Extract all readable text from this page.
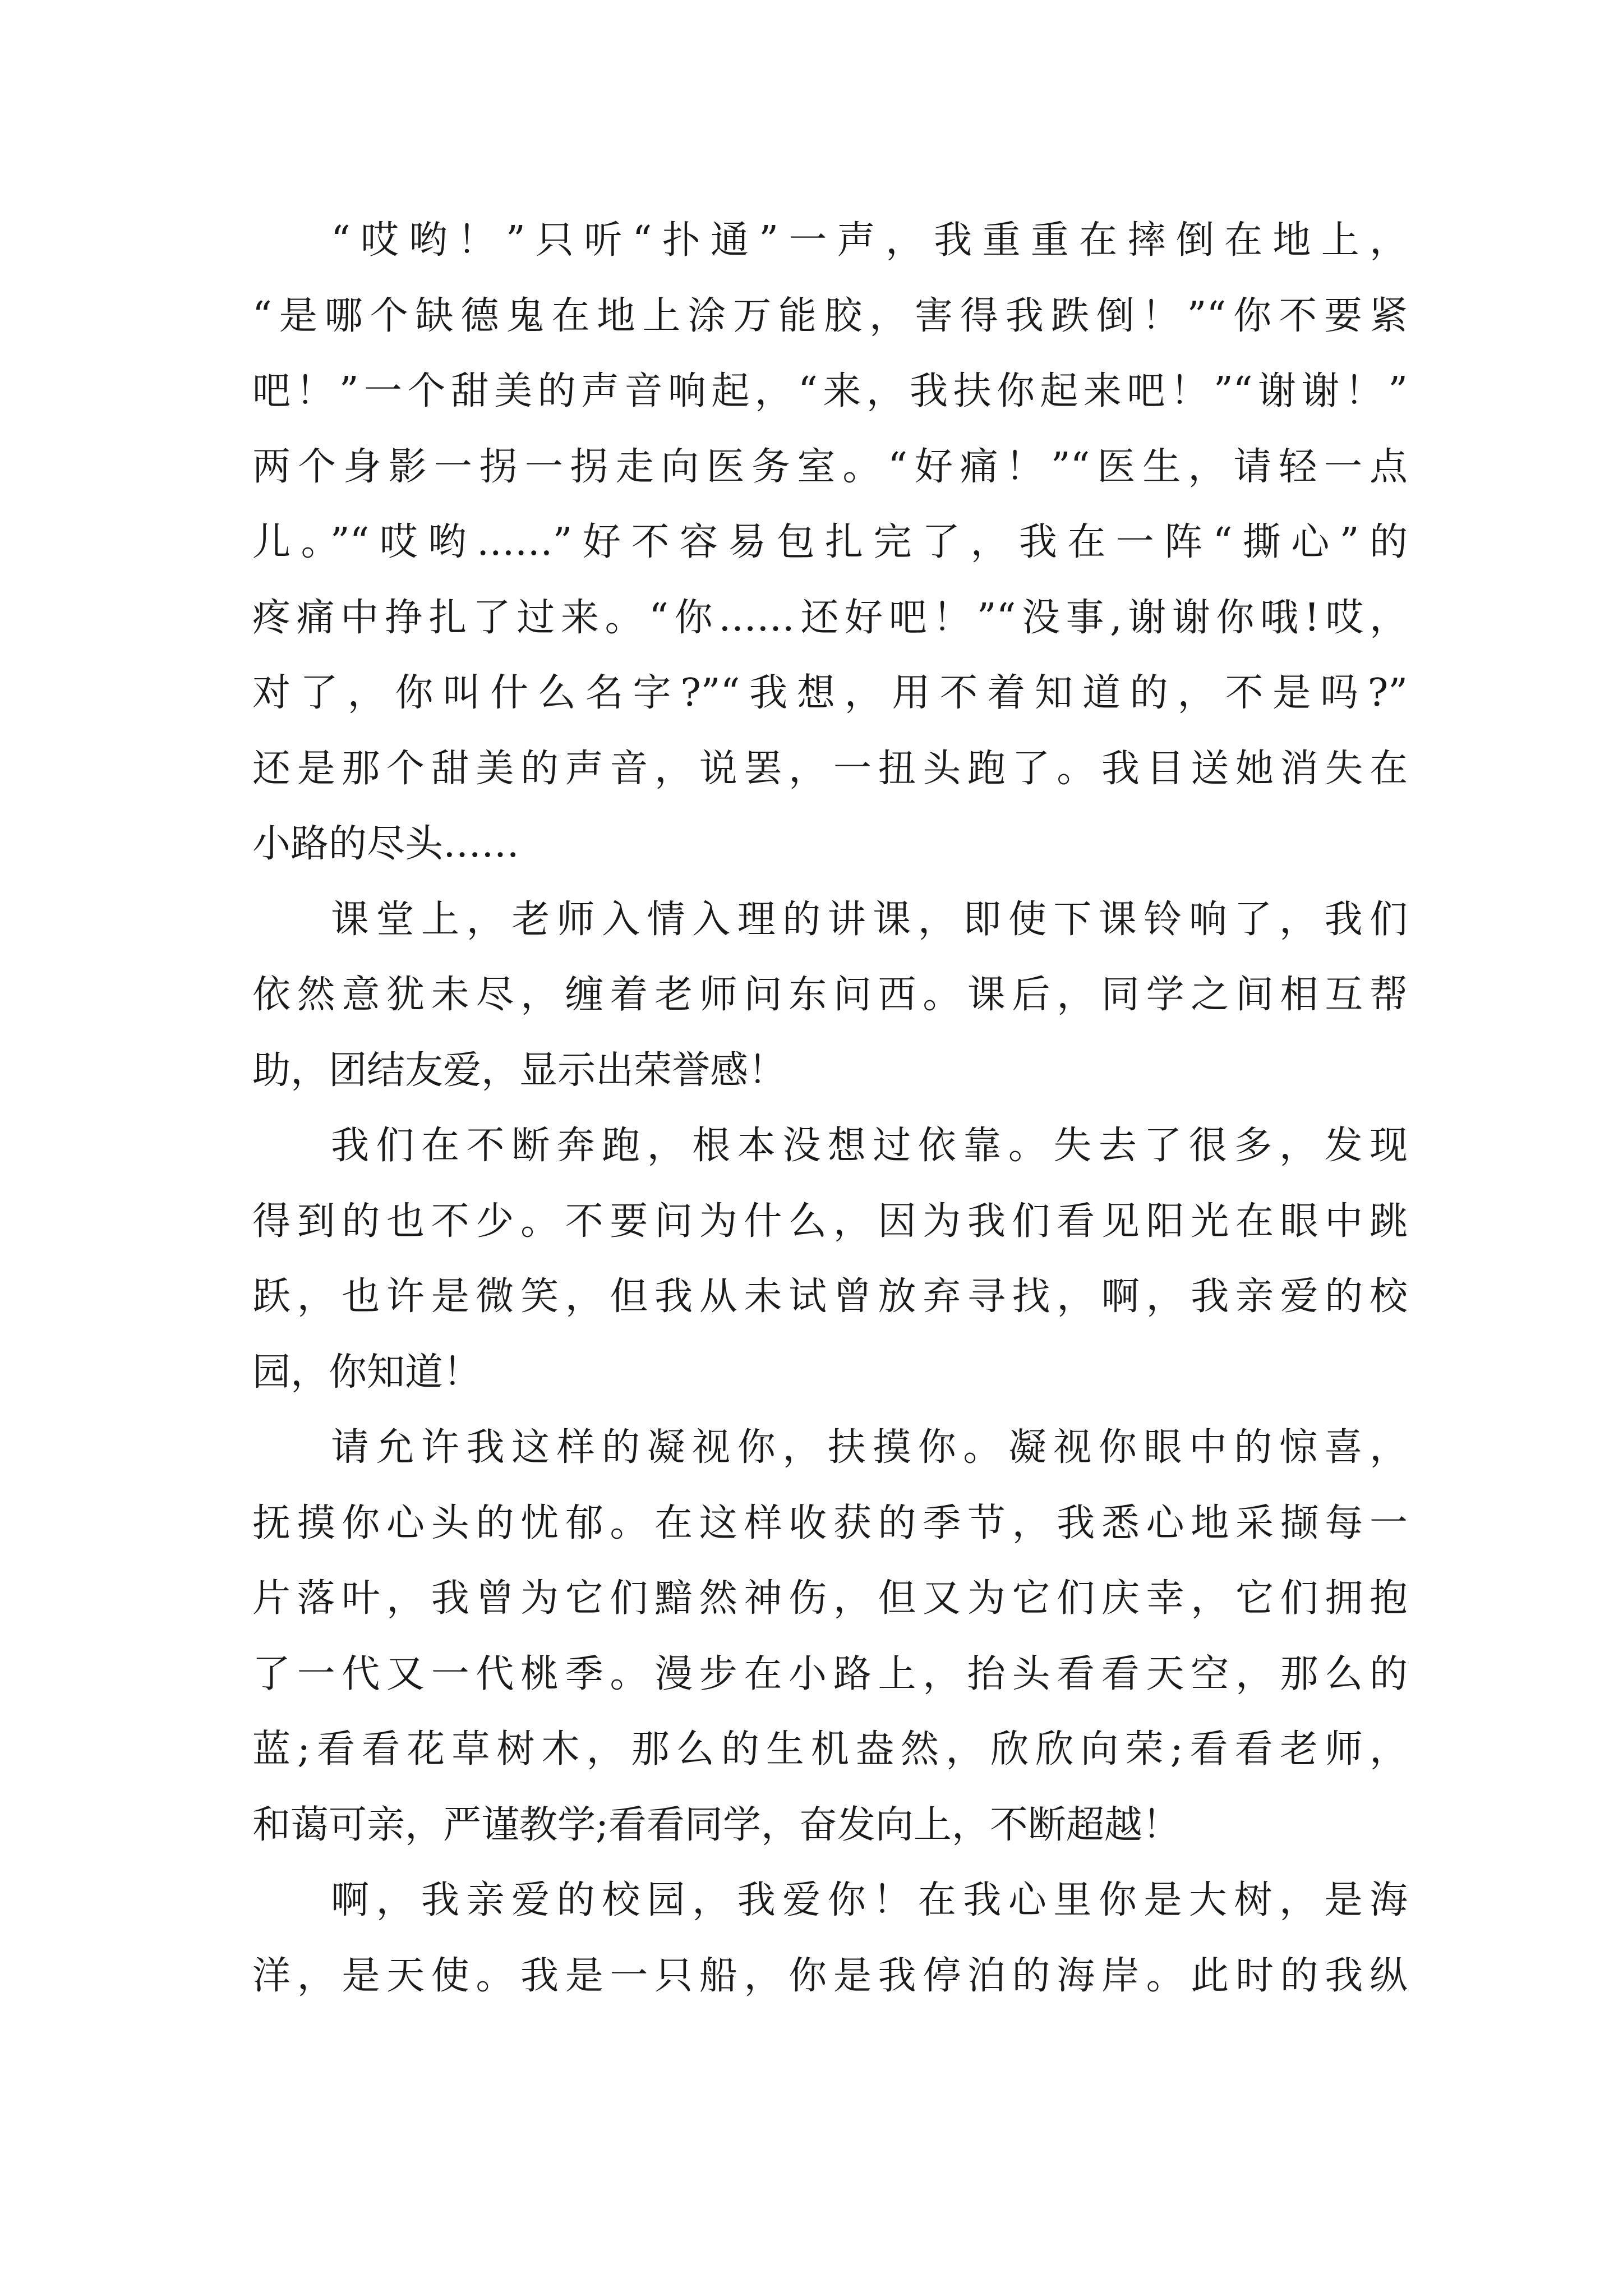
“哎哟！”只听“扑通”一声，我重重在摔倒在地上，
“是哪个缺德鬼在地上涂万能胶，害得我跌倒！”“你不要紧
吧！”一个甜美的声音响起，“来，我扶你起来吧！”“谢谢！”
两个身影一拐一拐走向医务室。“好痛！”“医生，请轻一点
儿。”“哎哟……”好不容易包扎完了，我在一阵“撕心”的
疼痛中挣扎了过来。“你……还好吧！”“没事,谢谢你哦!哎，
对了，你叫什么名字?”“我想，用不着知道的，不是吗?”
还是那个甜美的声音，说罢，一扭头跑了。我目送她消失在
小路的尽头……
课堂上，老师入情入理的讲课，即使下课铃响了，我们
依然意犹未尽，缠着老师问东问西。课后，同学之间相互帮
助，团结友爱，显示出荣誉感！
我们在不断奔跑，根本没想过依靠。失去了很多，发现
得到的也不少。不要问为什么，因为我们看见阳光在眼中跳
跃，也许是微笑，但我从未试曾放弃寻找，啊，我亲爱的校
园，你知道！
请允许我这样的凝视你，扶摸你。凝视你眼中的惊喜，
抚摸你心头的忧郁。在这样收获的季节，我悉心地采撷每一
片落叶，我曾为它们黯然神伤，但又为它们庆幸，它们拥抱
了一代又一代桃季。漫步在小路上，抬头看看天空，那么的
蓝;看看花草树木，那么的生机盎然，欣欣向荣;看看老师，
和蔼可亲，严谨教学;看看同学，奋发向上，不断超越！
啊，我亲爱的校园，我爱你！在我心里你是大树，是海
洋，是天使。我是一只船，你是我停泊的海岸。此时的我纵
